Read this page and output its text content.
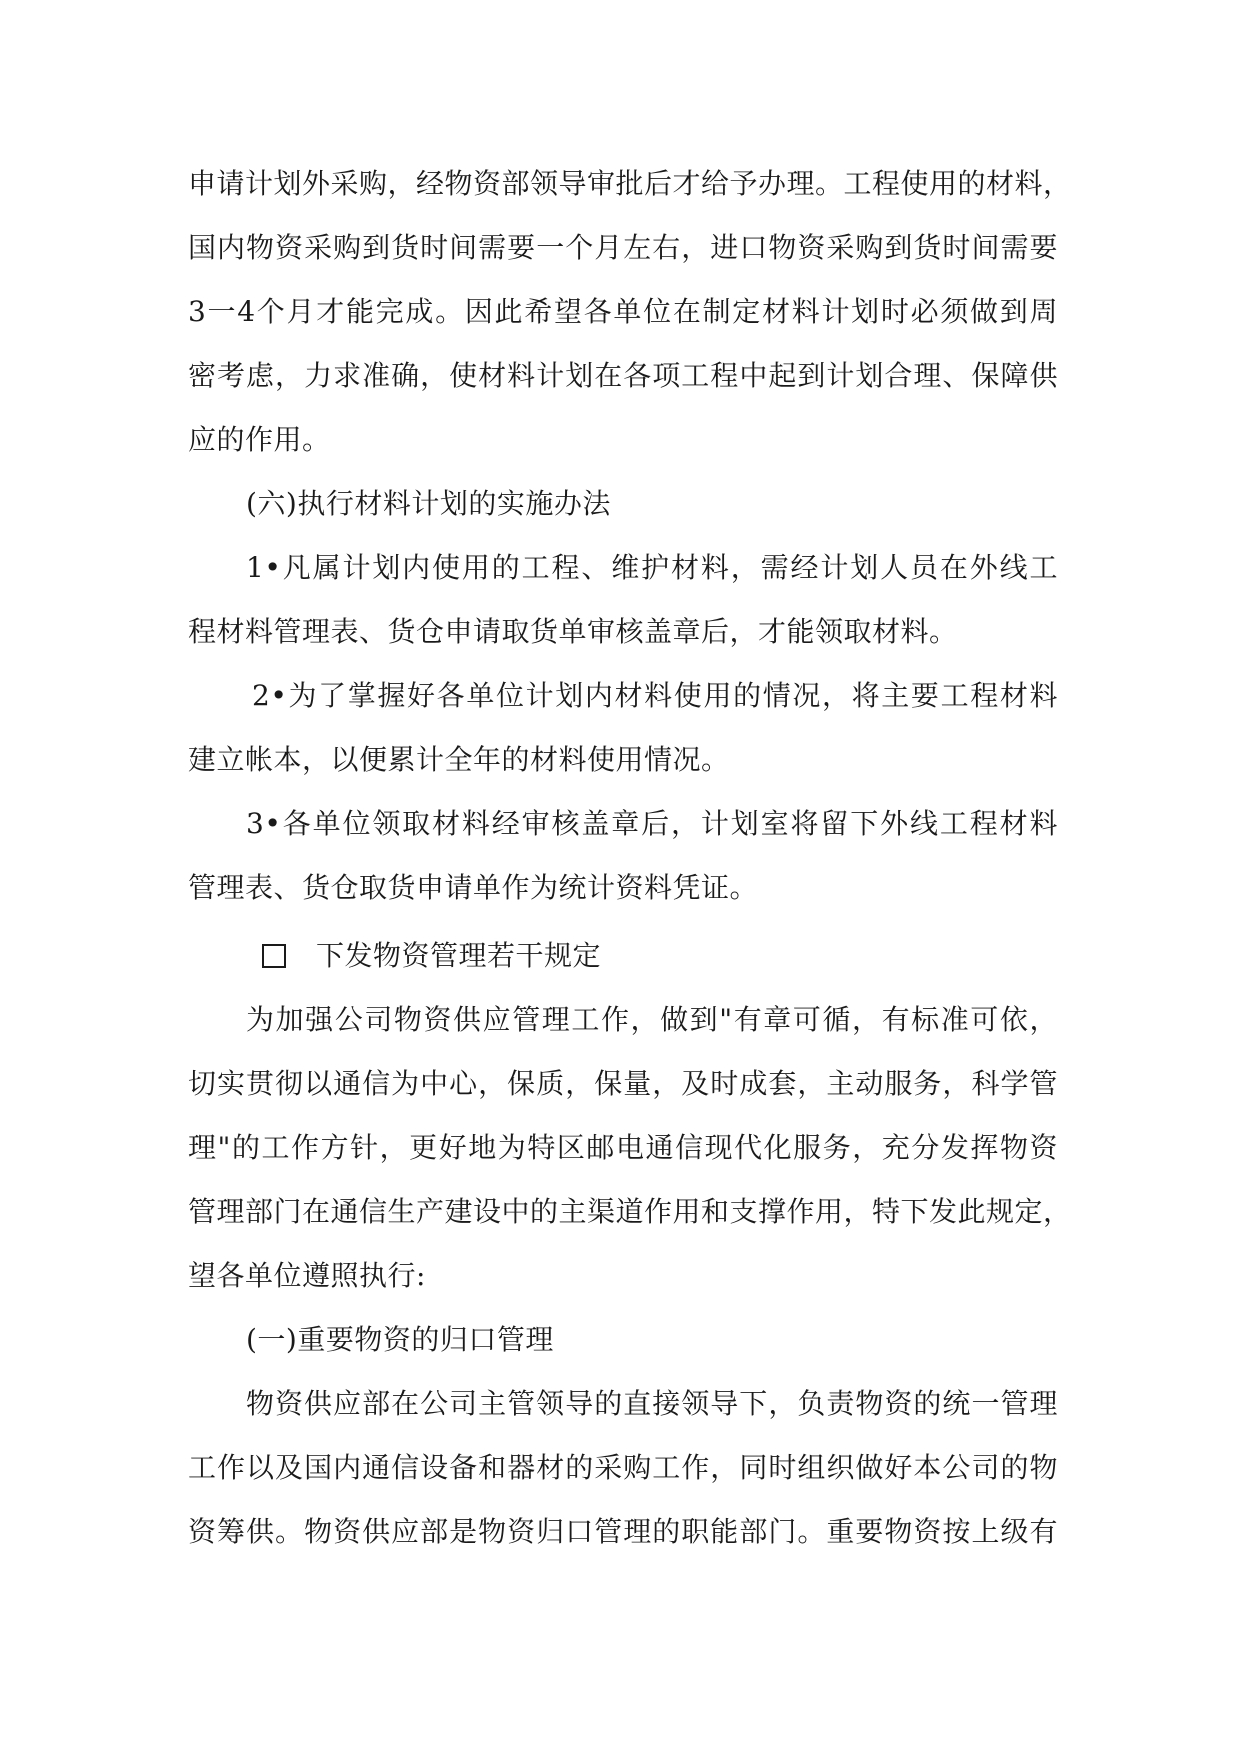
申请计划外采购，经物资部领导审批后才给予办理。工程使用的材料，
国内物资采购到货时间需要一个月左右，进口物资采购到货时间需要
3一4个月才能完成。因此希望各单位在制定材料计划时必须做到周
密考虑，力求准确，使材料计划在各项工程中起到计划合理、保障供
应的作用。
(六)执行材料计划的实施办法
1•凡属计划内使用的工程、维护材料，需经计划人员在外线工
程材料管理表、货仓申请取货单审核盖章后，才能领取材料。
2•为了掌握好各单位计划内材料使用的情况，将主要工程材料
建立帐本，以便累计全年的材料使用情况。
3•各单位领取材料经审核盖章后，计划室将留下外线工程材料
管理表、货仓取货申请单作为统计资料凭证。
下发物资管理若干规定
为加强公司物资供应管理工作，做到"有章可循，有标准可依，
切实贯彻以通信为中心，保质，保量，及时成套，主动服务，科学管
理"的工作方针，更好地为特区邮电通信现代化服务，充分发挥物资
管理部门在通信生产建设中的主渠道作用和支撑作用，特下发此规定，
望各单位遵照执行:
(一)重要物资的归口管理
物资供应部在公司主管领导的直接领导下，负责物资的统一管理
工作以及国内通信设备和器材的采购工作，同时组织做好本公司的物
资筹供。物资供应部是物资归口管理的职能部门。重要物资按上级有
